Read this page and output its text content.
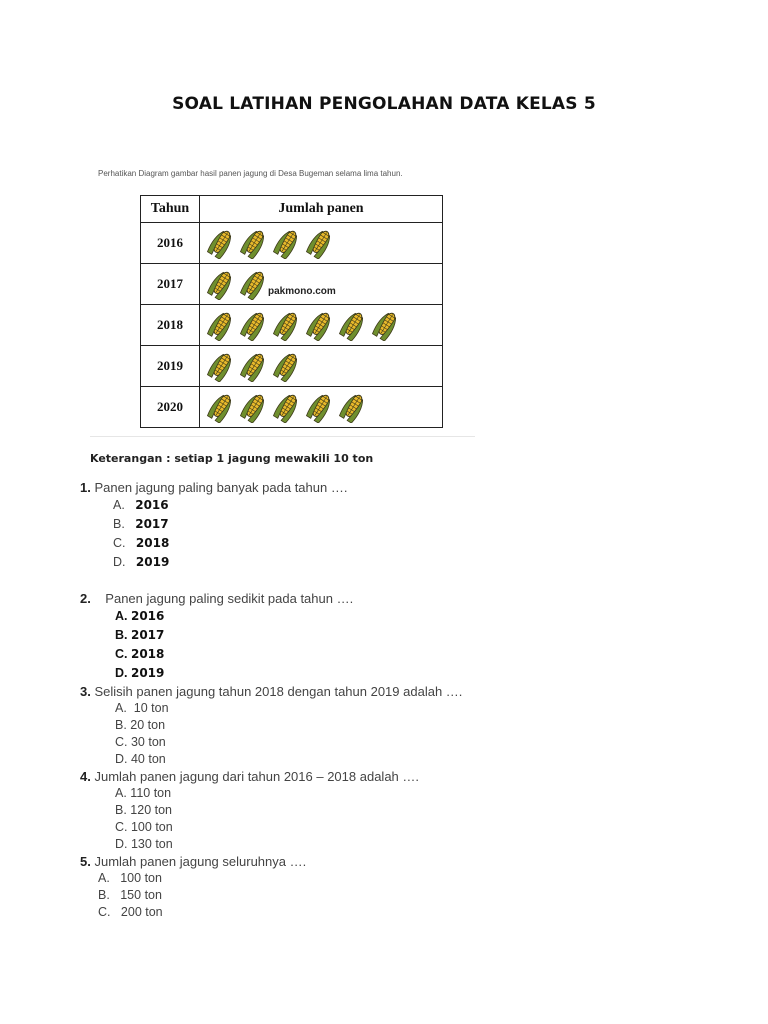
SOAL LATIHAN PENGOLAHAN DATA KELAS 5
Perhatikan Diagram gambar hasil panen jagung di Desa Bugeman selama lima tahun.
Tahun	Jumlah panen
2016	
2017	
2018	
2019	
2020	
pakmono.com
Keterangan : setiap 1 jagung mewakili 10 ton
1. Panen jagung paling banyak pada tahun ….
A. 2016
B. 2017
C. 2018
D. 2019
2. Panen jagung paling sedikit pada tahun ….
A. 2016
B. 2017
C. 2018
D. 2019
3. Selisih panen jagung tahun 2018 dengan tahun 2019 adalah ….
A. 10 ton
B. 20 ton
C. 30 ton
D. 40 ton
4. Jumlah panen jagung dari tahun 2016 – 2018 adalah ….
A. 110 ton
B. 120 ton
C. 100 ton
D. 130 ton
5. Jumlah panen jagung seluruhnya ….
A. 100 ton
B. 150 ton
C. 200 ton
